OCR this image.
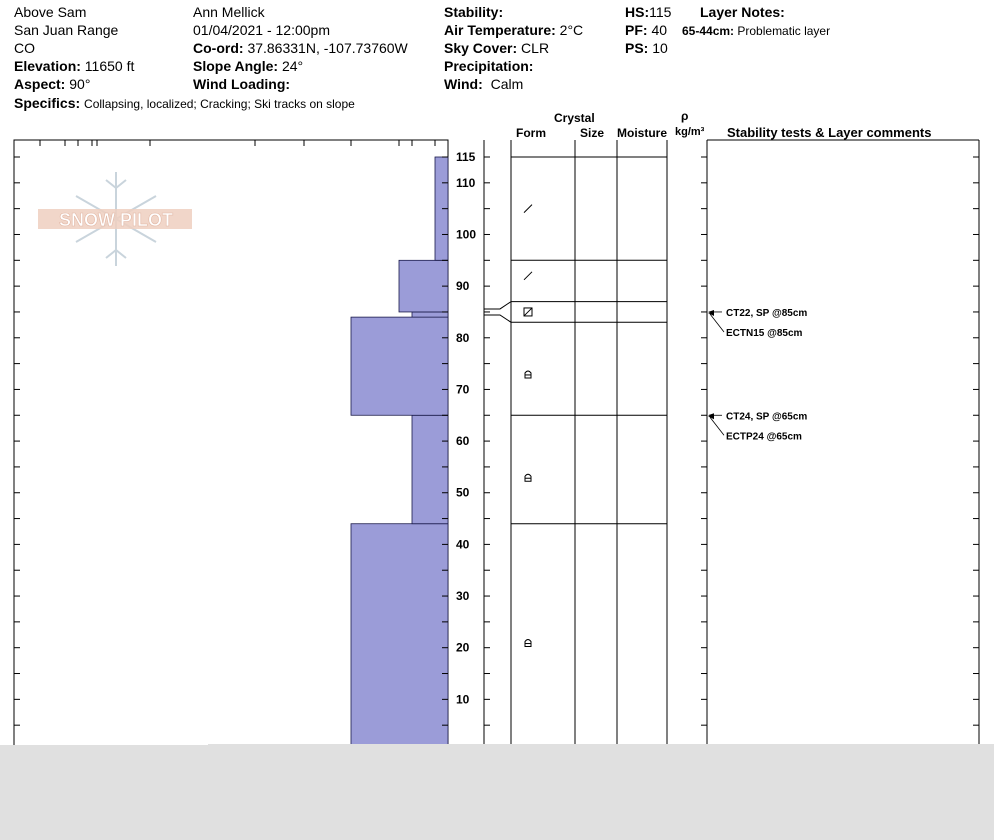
Above Sam
San Juan Range
CO
Elevation: 11650 ft
Aspect: 90°
Specifics: Collapsing, localized; Cracking; Ski tracks on slope
Ann Mellick
01/04/2021 - 12:00pm
Co-ord: 37.86331N, -107.73760W
Slope Angle: 24°
Wind Loading:
Stability:
Air Temperature: 2°C
Sky Cover: CLR
Precipitation:
Wind: Calm
HS:115
PF: 40
PS: 10
Layer Notes:
65-44cm: Problematic layer
Crystal
Form	Size Moisture
ρ
kg/m³ Stability tests & Layer comments
SNOW PILOT
10
20
30
40
50
60
70
80
90
100
110
115
CT22, SP @85cm
ECTN15 @85cm
CT24, SP @65cm
ECTP24 @65cm
